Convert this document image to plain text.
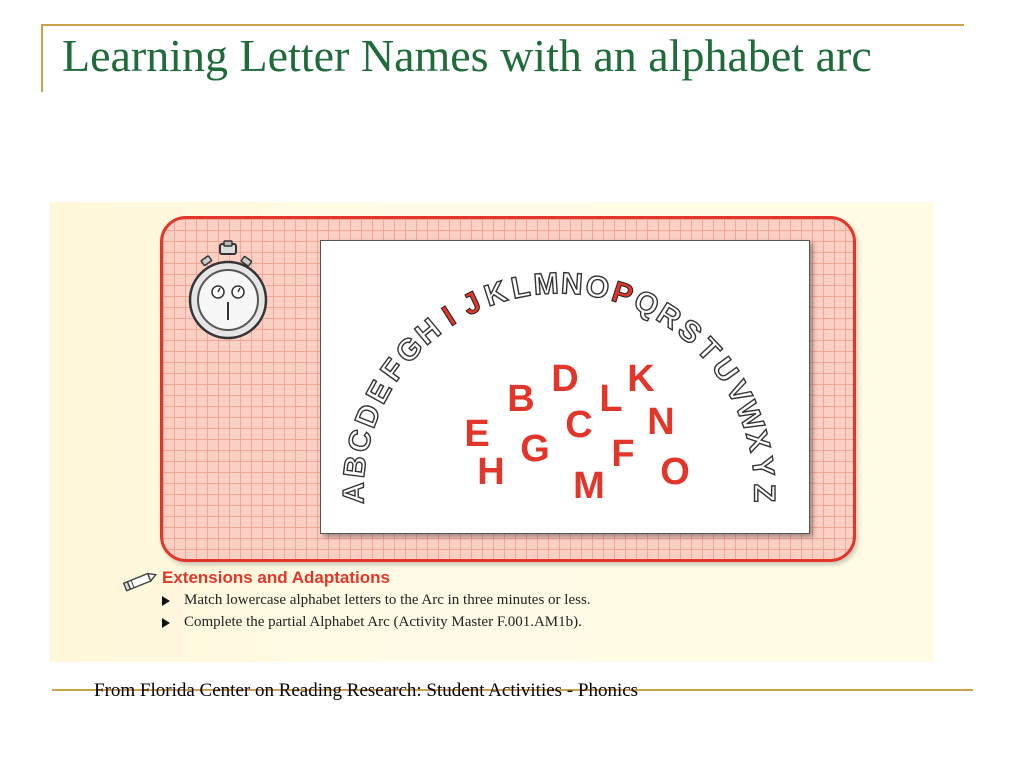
Learning Letter Names with an alphabet arc
A
B
C
D
E
F
G
H
I
J
K
L M N O
P
Q
R
S
T
U
V
W
X
Y
Z
B D L K
E C N
G F
H M O
Extensions and Adaptations
Match lowercase alphabet letters to the Arc in three minutes or less.
Complete the partial Alphabet Arc (Activity Master F.001.AM1b).

From Florida Center on Reading Research: Student Activities - Phonics
